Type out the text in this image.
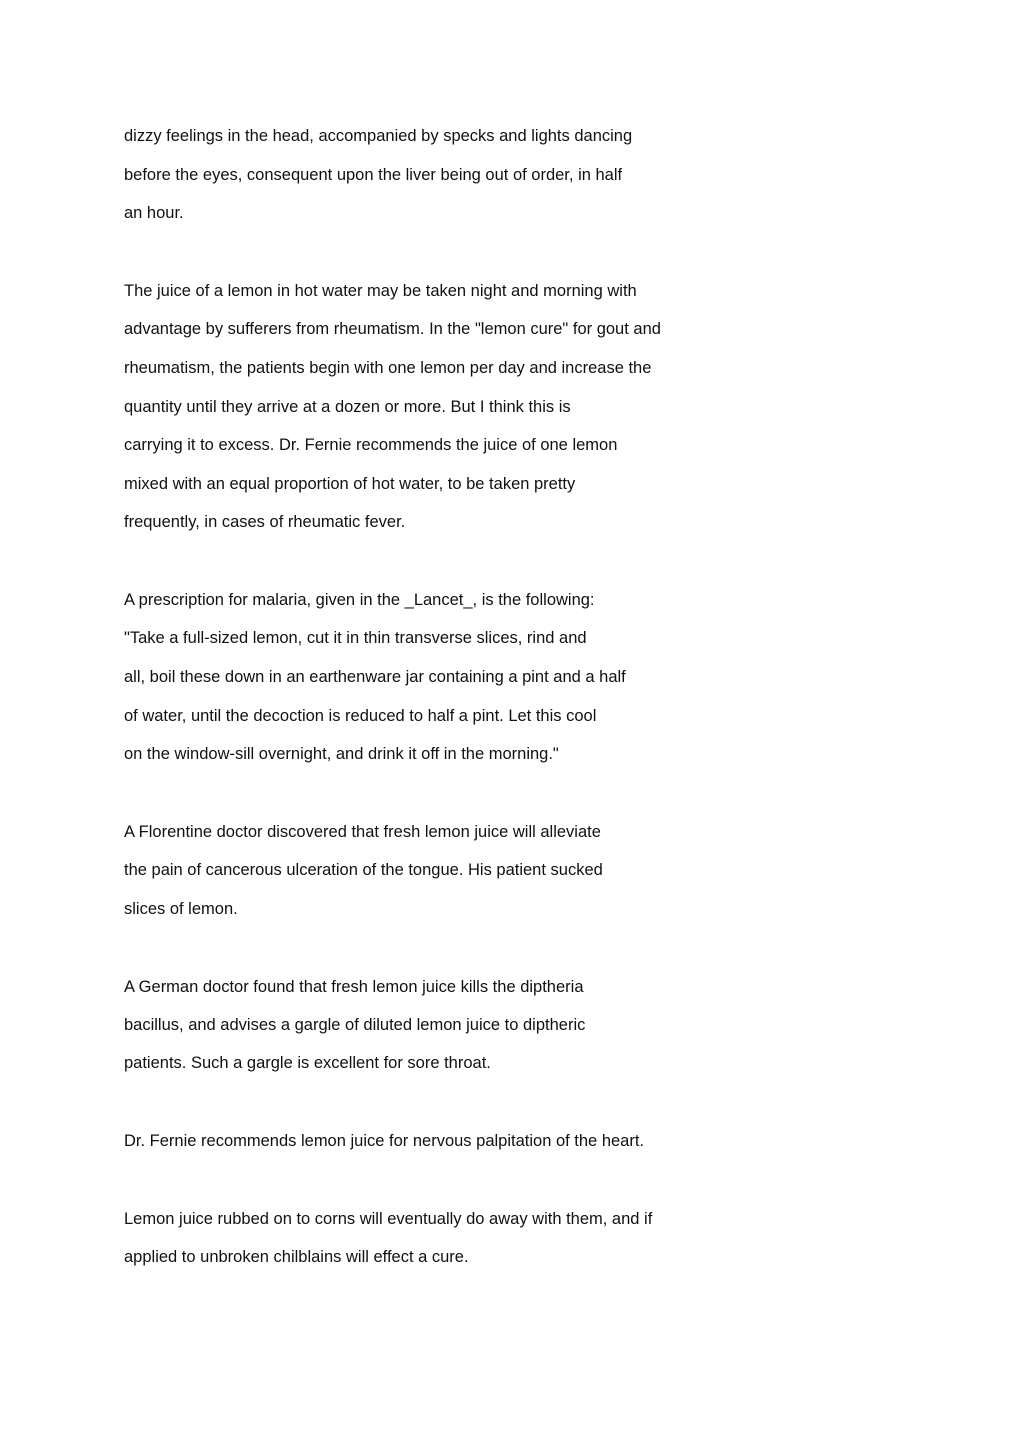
dizzy feelings in the head, accompanied by specks and lights dancing

before the eyes, consequent upon the liver being out of order, in half

an hour.

The juice of a lemon in hot water may be taken night and morning with

advantage by sufferers from rheumatism. In the "lemon cure" for gout and

rheumatism, the patients begin with one lemon per day and increase the

quantity until they arrive at a dozen or more. But I think this is

carrying it to excess. Dr. Fernie recommends the juice of one lemon

mixed with an equal proportion of hot water, to be taken pretty

frequently, in cases of rheumatic fever.

A prescription for malaria, given in the _Lancet_, is the following:

"Take a full-sized lemon, cut it in thin transverse slices, rind and

all, boil these down in an earthenware jar containing a pint and a half

of water, until the decoction is reduced to half a pint. Let this cool

on the window-sill overnight, and drink it off in the morning."

A Florentine doctor discovered that fresh lemon juice will alleviate

the pain of cancerous ulceration of the tongue. His patient sucked

slices of lemon.

A German doctor found that fresh lemon juice kills the diptheria

bacillus, and advises a gargle of diluted lemon juice to diptheric

patients. Such a gargle is excellent for sore throat.

Dr. Fernie recommends lemon juice for nervous palpitation of the heart.

Lemon juice rubbed on to corns will eventually do away with them, and if

applied to unbroken chilblains will effect a cure.
